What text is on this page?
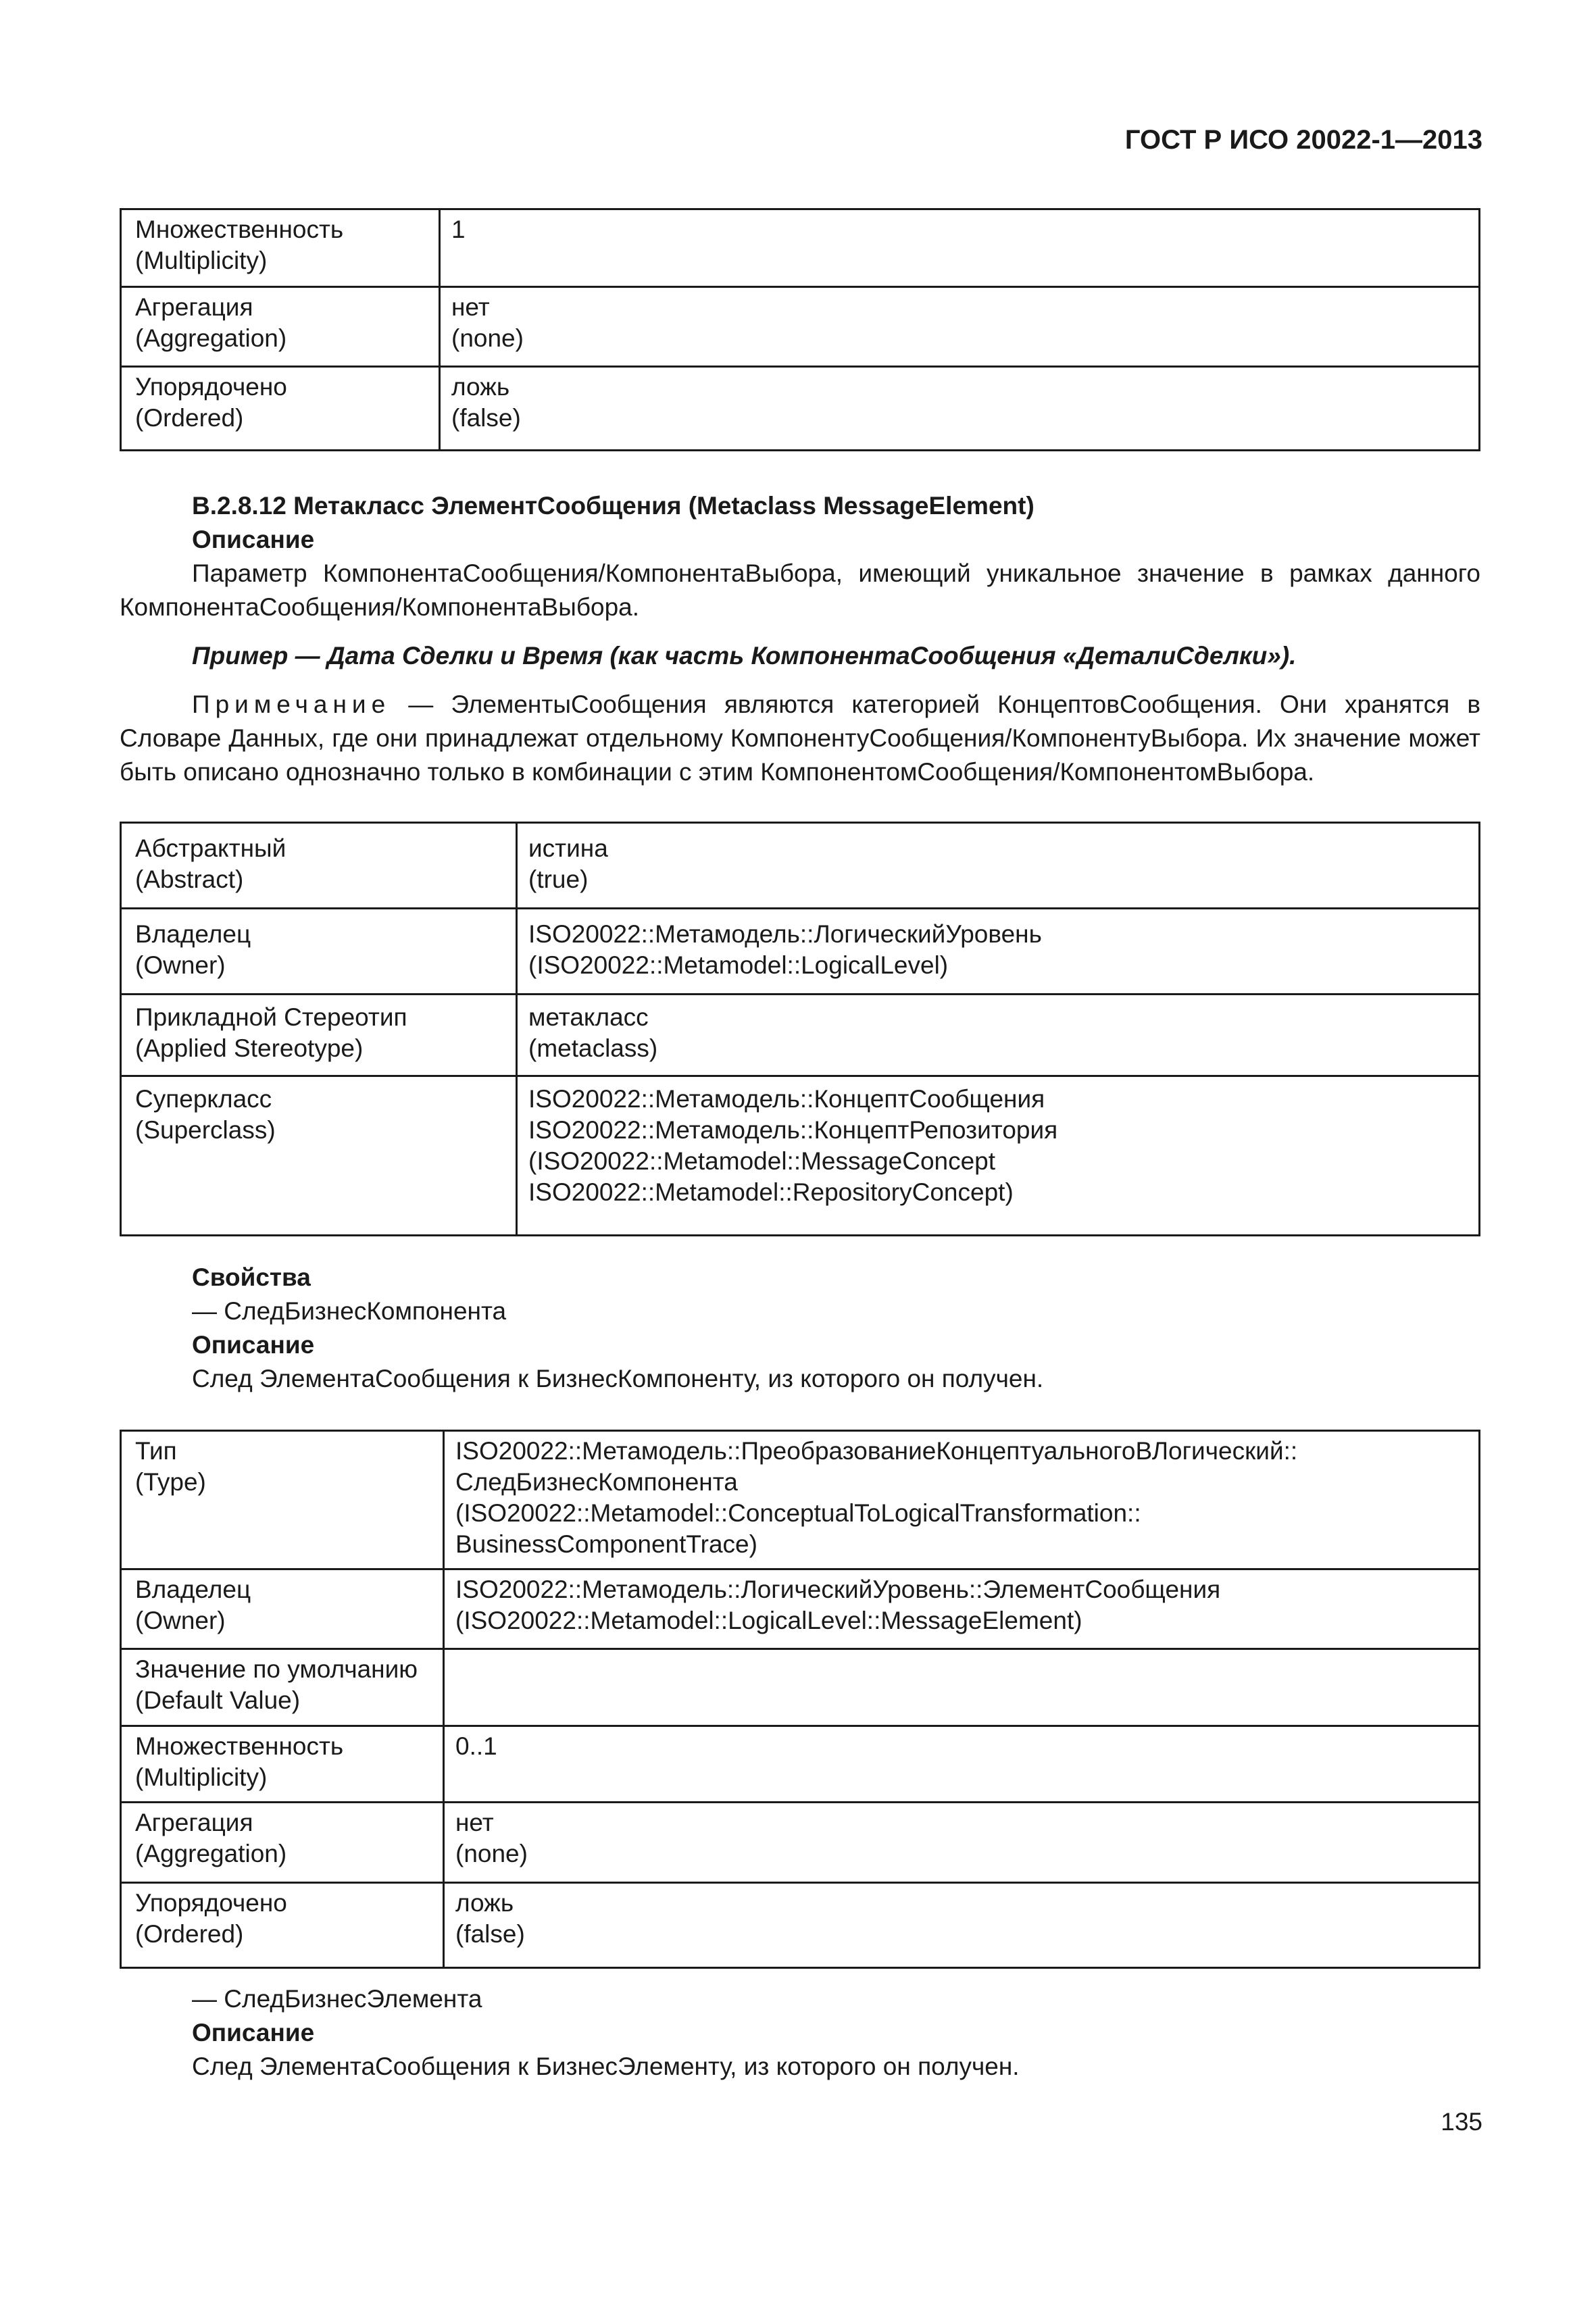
ГОСТ Р ИСО 20022-1—2013
Множественность
(Multiplicity)	1

Агрегация
(Aggregation)	нет
(none)

Упорядочено
(Ordered)	ложь
(false)

B.2.8.12 Метакласс ЭлементСообщения (Metaclass MessageElement)

Описание

Параметр КомпонентаСообщения/КомпонентаВыбора, имеющий уникальное значение в рамках данного КомпонентаСообщения/КомпонентаВыбора.

Пример — Дата Сделки и Время (как часть КомпонентаСообщения «ДеталиСделки»).

Примечание — ЭлементыСообщения являются категорией КонцептовСообщения. Они хранятся в Словаре Данных, где они принадлежат отдельному КомпонентуСообщения/КомпонентуВыбора. Их значение может быть описано однозначно только в комбинации с этим КомпонентомСообщения/КомпонентомВыбора.

Абстрактный
(Abstract)	истина
(true)

Владелец
(Owner)	ISO20022::Метамодель::ЛогическийУровень
(ISO20022::Metamodel::LogicalLevel)

Прикладной Стереотип
(Applied Stereotype)	метакласс
(metaclass)

Суперкласс
(Superclass)	ISO20022::Метамодель::КонцептСообщения
ISO20022::Метамодель::КонцептРепозитория
(ISO20022::Metamodel::MessageConcept
ISO20022::Metamodel::RepositoryConcept)

Свойства

— СледБизнесКомпонента

Описание

След ЭлементаСообщения к БизнесКомпоненту, из которого он получен.

Тип
(Type)	ISO20022::Метамодель::ПреобразованиеКонцептуальногоВЛогический::
СледБизнесКомпонента
(ISO20022::Metamodel::ConceptualToLogicalTransformation::
BusinessComponentTrace)

Владелец
(Owner)	ISO20022::Метамодель::ЛогическийУровень::ЭлементСообщения
(ISO20022::Metamodel::LogicalLevel::MessageElement)

Значение по умолчанию
(Default Value)	

Множественность
(Multiplicity)	0..1

Агрегация
(Aggregation)	нет
(none)

Упорядочено
(Ordered)	ложь
(false)

— СледБизнесЭлемента

Описание

След ЭлементаСообщения к БизнесЭлементу, из которого он получен.

135
